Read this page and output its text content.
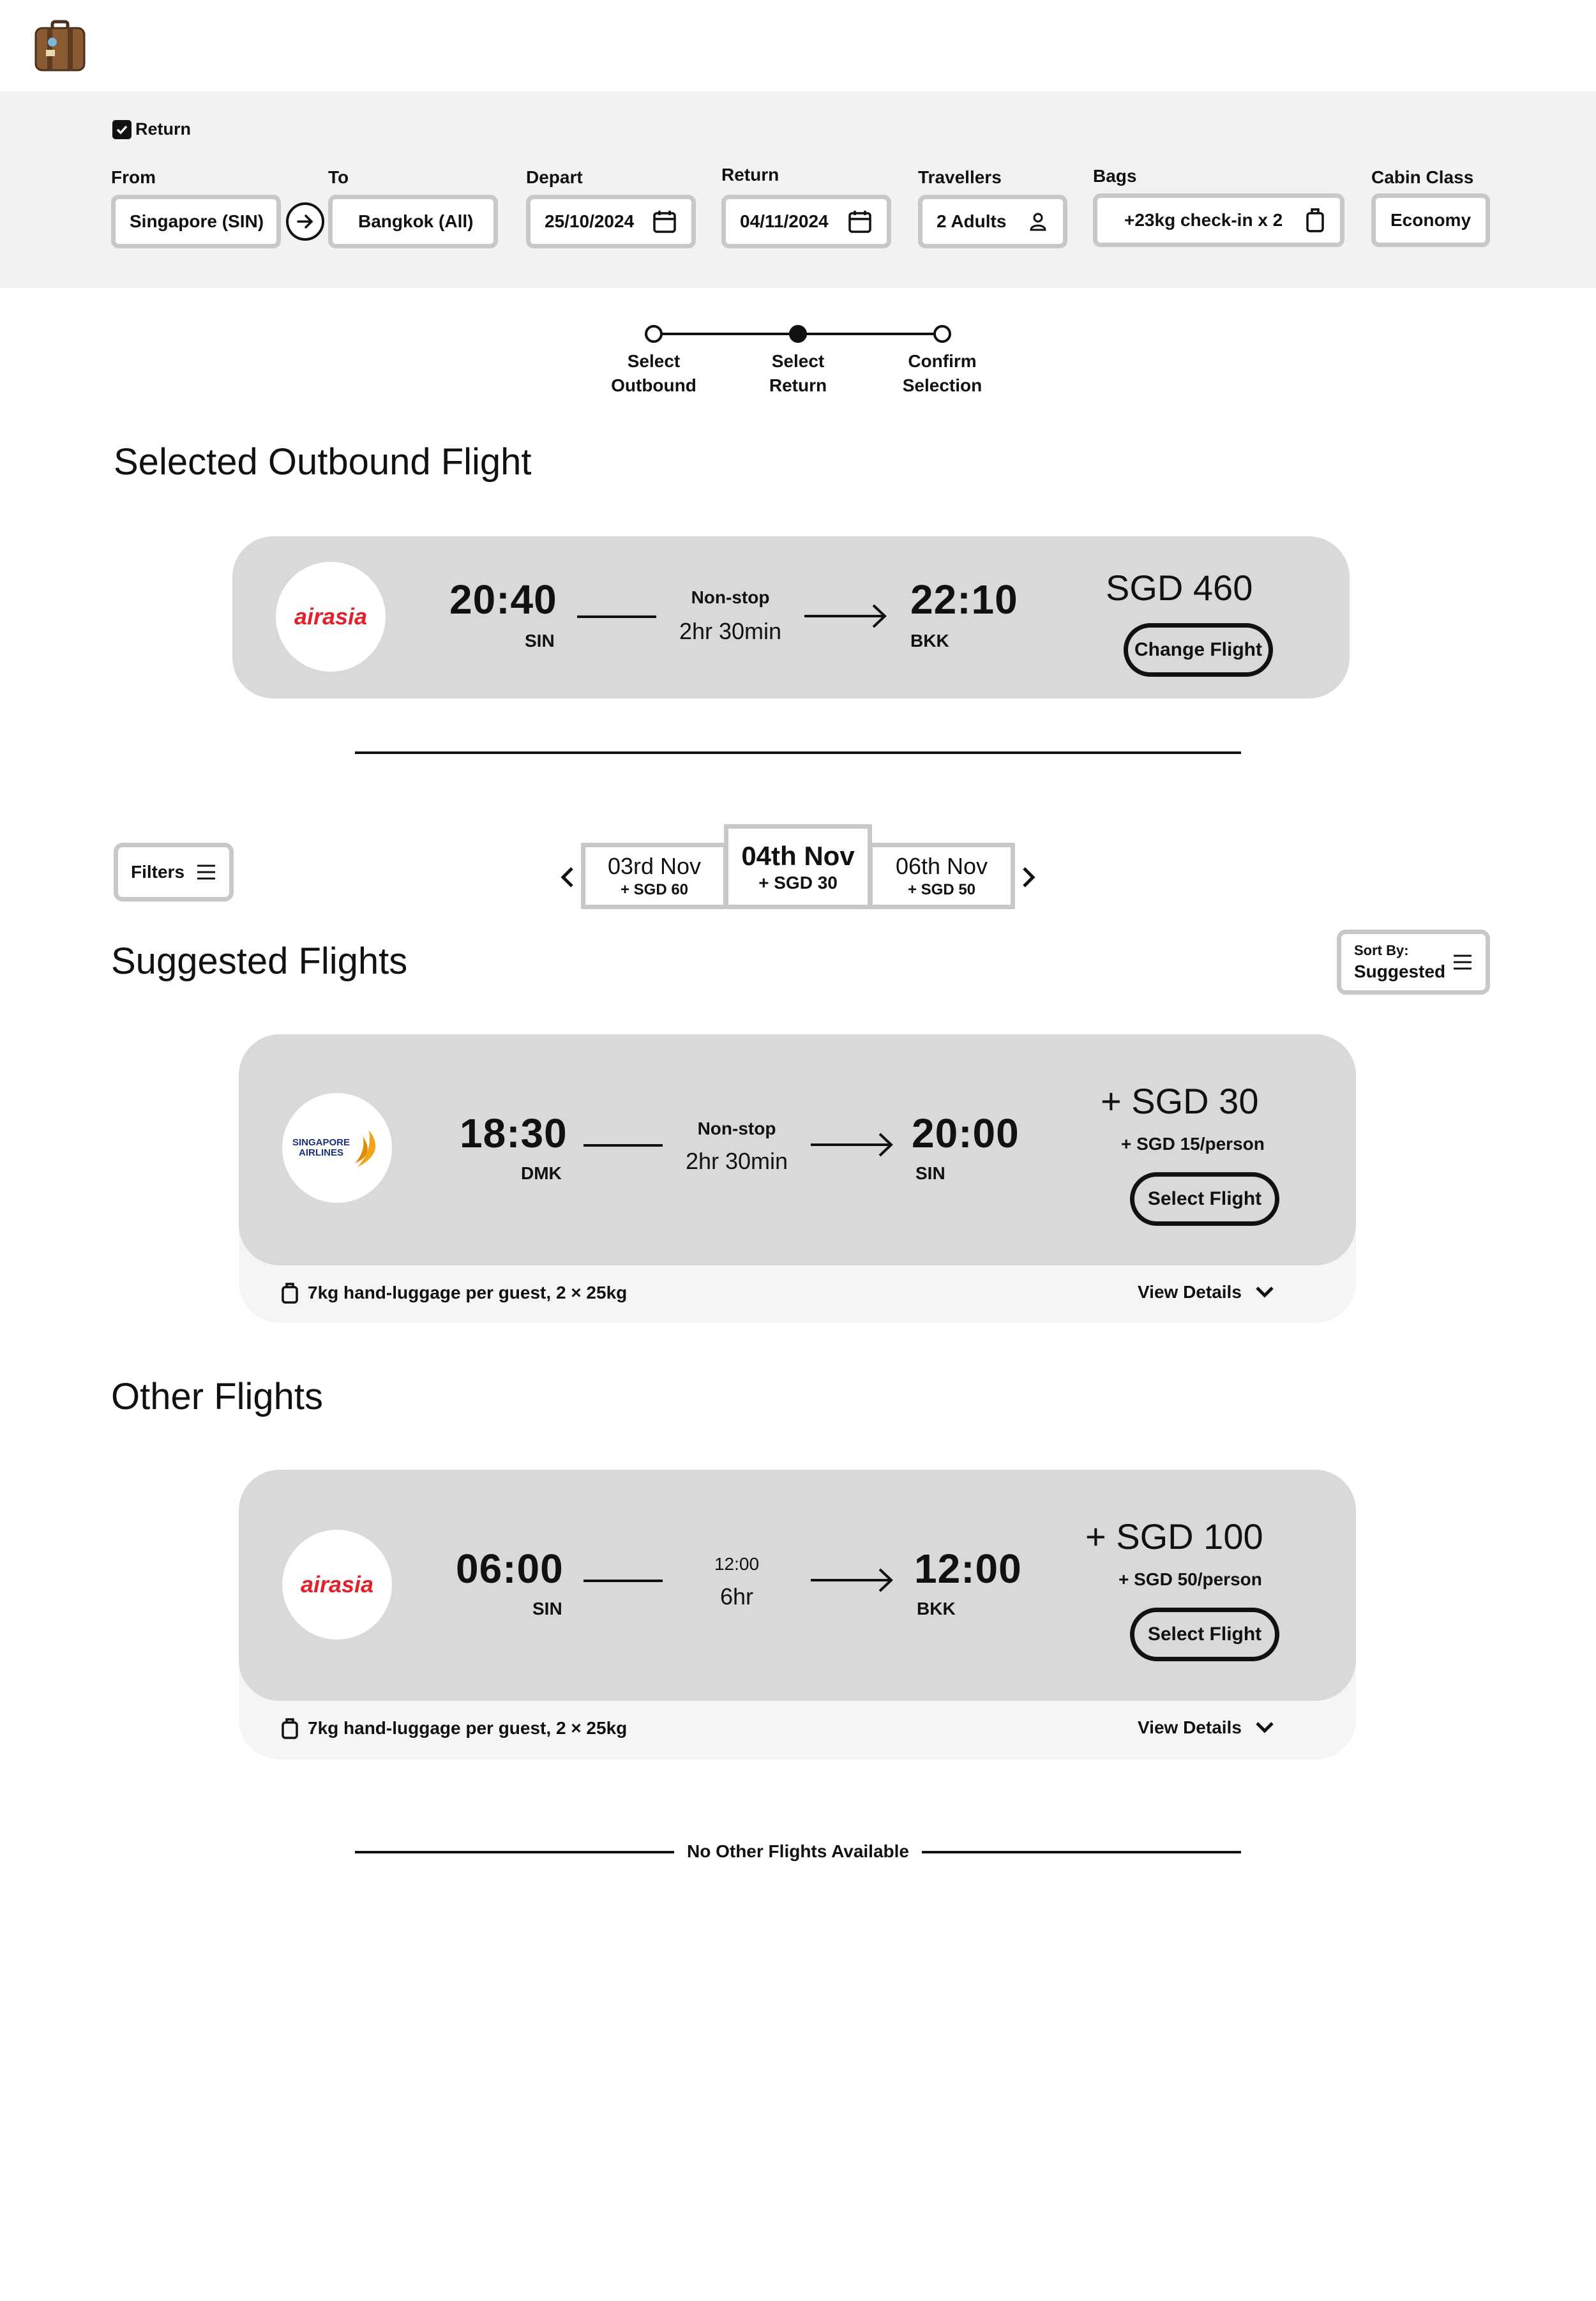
Return
From
Singapore (SIN)
To
Bangkok (All)
Depart
25/10/2024
Return
04/11/2024
Travellers
2 Adults
Bags
+23kg check-in x 2
Cabin Class
Economy
Select
Outbound
Select
Return
Confirm
Selection
Selected Outbound Flight
airasia 20:40
SIN
Non-stop
2hr 30min
22:10
BKK
SGD 460
Change Flight
Filters	03rd Nov
+ SGD 60
04th Nov
+ SGD 30
06th Nov
+ SGD 50
Suggested Flights	Sort By:
Suggested
SINGAPORE
AIRLINES	18:30
DMK
Non-stop
2hr 30min
20:00
SIN
+ SGD 30
+ SGD 15/person
Select Flight
7kg hand-luggage per guest, 2 × 25kg	View Details
Other Flights
airasia 06:00
SIN
12:00
6hr
12:00
BKK
+ SGD 100
+ SGD 50/person
Select Flight
7kg hand-luggage per guest, 2 × 25kg	View Details
No Other Flights Available
